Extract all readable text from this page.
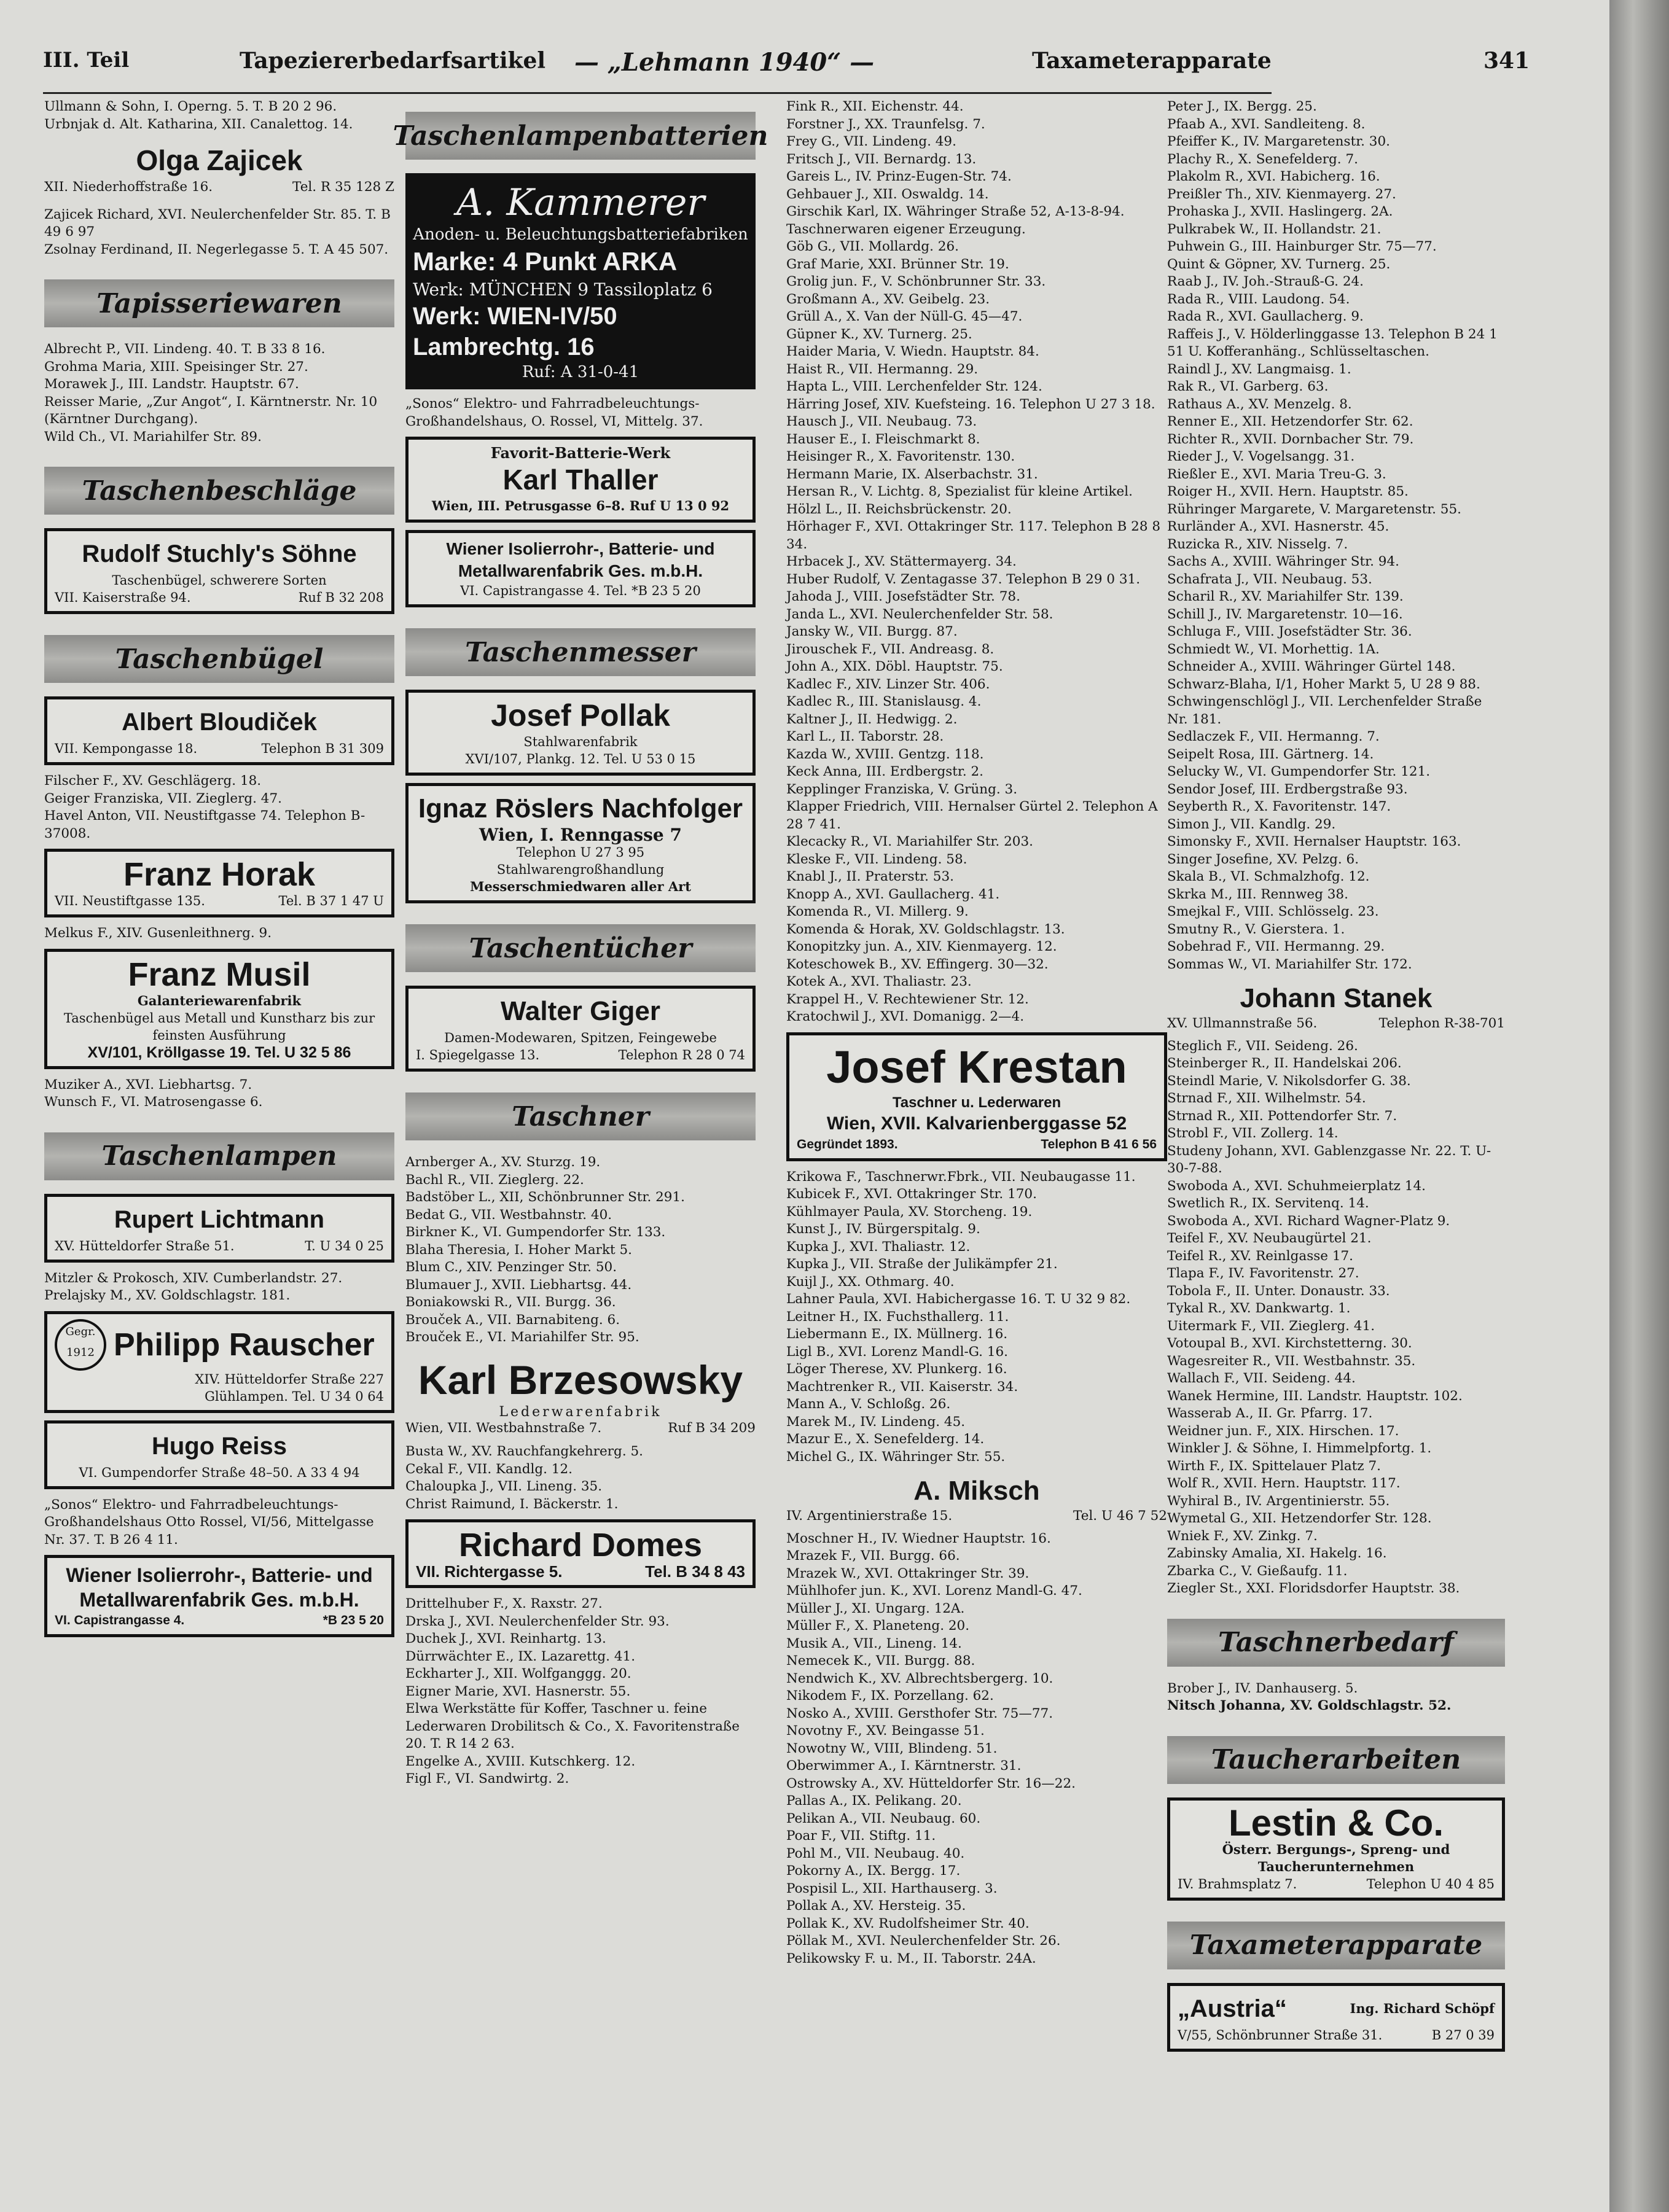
III. Teil	Tapeziererbedarfsartikel — „Lehmann 1940“ —	Taxameterapparate	341
Ullmann & Sohn, I. Operng. 5. T. B 20 2 96.
Urbnjak d. Alt. Katharina, XII. Canalettog. 14.
Olga Zajicek
XII. Niederhoffstraße 16.	Tel. R 35 128 Z
Zajicek Richard, XVI. Neulerchenfelder Str. 85. T. B 49 6 97
Zsolnay Ferdinand, II. Negerlegasse 5. T. A 45 507.
Tapisseriewaren
Albrecht P., VII. Lindeng. 40. T. B 33 8 16.
Grohma Maria, XIII. Speisinger Str. 27.
Morawek J., III. Landstr. Hauptstr. 67.
Reisser Marie, „Zur Angot“, I. Kärntnerstr. Nr. 10 (Kärntner Durchgang).
Wild Ch., VI. Mariahilfer Str. 89.
Taschenbeschläge
Rudolf Stuchly's Söhne
Taschenbügel, schwerere Sorten
VII. Kaiserstraße 94.	Ruf B 32 208
Taschenbügel
Albert Bloudiček
VII. Kempongasse 18.	Telephon B 31 309
Filscher F., XV. Geschlägerg. 18.
Geiger Franziska, VII. Zieglerg. 47.
Havel Anton, VII. Neustiftgasse 74. Telephon B-37008.
Franz Horak
VII. Neustiftgasse 135.	Tel. B 37 1 47 U
Melkus F., XIV. Gusenleithnerg. 9.
Franz Musil
Galanteriewarenfabrik
Taschenbügel aus Metall und Kunstharz bis zur feinsten Ausführung
XV/101, Kröllgasse 19. Tel. U 32 5 86
Muziker A., XVI. Liebhartsg. 7.
Wunsch F., VI. Matrosengasse 6.
Taschenlampen
Rupert Lichtmann
XV. Hütteldorfer Straße 51.	T. U 34 0 25
Mitzler & Prokosch, XIV. Cumberlandstr. 27.
Prelajsky M., XV. Goldschlagstr. 181.
Gegr.
1912 Philipp Rauscher
XIV. Hütteldorfer Straße 227
Glühlampen. Tel. U 34 0 64
Hugo Reiss
VI. Gumpendorfer Straße 48–50. A 33 4 94
„Sonos“ Elektro- und Fahrradbeleuchtungs-Großhandelshaus Otto Rossel, VI/56, Mittelgasse Nr. 37. T. B 26 4 11.
Wiener Isolierrohr-, Batterie- und
Metallwarenfabrik Ges. m.b.H.
VI. Capistrangasse 4.	*B 23 5 20
Taschenlampenbatterien
A. Kammerer
Anoden- u. Beleuchtungsbatteriefabriken
Marke: 4 Punkt ARKA
Werk: MÜNCHEN 9 Tassiloplatz 6
Werk: WIEN-IV/50 Lambrechtg. 16
Ruf: A 31-0-41
„Sonos“ Elektro- und Fahrradbeleuchtungs-Großhandelshaus, O. Rossel, VI, Mittelg. 37.
Favorit-Batterie-Werk
Karl Thaller
Wien, III. Petrusgasse 6–8. Ruf U 13 0 92
Wiener Isolierrohr-, Batterie- und
Metallwarenfabrik Ges. m.b.H.
VI. Capistrangasse 4. Tel. *B 23 5 20
Taschenmesser
Josef Pollak
Stahlwarenfabrik
XVI/107, Plankg. 12. Tel. U 53 0 15
Ignaz Röslers Nachfolger
Wien, I. Renngasse 7
Telephon U 27 3 95
Stahlwarengroßhandlung
Messerschmiedwaren aller Art
Taschentücher
Walter Giger
Damen-Modewaren, Spitzen, Feingewebe
I. Spiegelgasse 13.	Telephon R 28 0 74
Taschner
Arnberger A., XV. Sturzg. 19.
Bachl R., VII. Zieglerg. 22.
Badstöber L., XII, Schönbrunner Str. 291.
Bedat G., VII. Westbahnstr. 40.
Birkner K., VI. Gumpendorfer Str. 133.
Blaha Theresia, I. Hoher Markt 5.
Blum C., XIV. Penzinger Str. 50.
Blumauer J., XVII. Liebhartsg. 44.
Boniakowski R., VII. Burgg. 36.
Brouček A., VII. Barnabiteng. 6.
Brouček E., VI. Mariahilfer Str. 95.
Karl Brzesowsky
Lederwarenfabrik
Wien, VII. Westbahnstraße 7.	Ruf B 34 209
Busta W., XV. Rauchfangkehrerg. 5.
Cekal F., VII. Kandlg. 12.
Chaloupka J., VII. Lineng. 35.
Christ Raimund, I. Bäckerstr. 1.
Richard Domes
VII. Richtergasse 5.	Tel. B 34 8 43
Drittelhuber F., X. Raxstr. 27.
Drska J., XVI. Neulerchenfelder Str. 93.
Duchek J., XVI. Reinhartg. 13.
Dürrwächter E., IX. Lazarettg. 41.
Eckharter J., XII. Wolfganggg. 20.
Eigner Marie, XVI. Hasnerstr. 55.
Elwa Werkstätte für Koffer, Taschner u. feine Lederwaren Drobilitsch & Co., X. Favoritenstraße 20. T. R 14 2 63.
Engelke A., XVIII. Kutschkerg. 12.
Figl F., VI. Sandwirtg. 2.
Fink R., XII. Eichenstr. 44.
Forstner J., XX. Traunfelsg. 7.
Frey G., VII. Lindeng. 49.
Fritsch J., VII. Bernardg. 13.
Gareis L., IV. Prinz-Eugen-Str. 74.
Gehbauer J., XII. Oswaldg. 14.
Girschik Karl, IX. Währinger Straße 52, A-13-8-94. Taschnerwaren eigener Erzeugung.
Göb G., VII. Mollardg. 26.
Graf Marie, XXI. Brünner Str. 19.
Grolig jun. F., V. Schönbrunner Str. 33.
Großmann A., XV. Geibelg. 23.
Grüll A., X. Van der Nüll-G. 45—47.
Güpner K., XV. Turnerg. 25.
Haider Maria, V. Wiedn. Hauptstr. 84.
Haist R., VII. Hermanng. 29.
Hapta L., VIII. Lerchenfelder Str. 124.
Härring Josef, XIV. Kuefsteing. 16. Telephon U 27 3 18.
Hausch J., VII. Neubaug. 73.
Hauser E., I. Fleischmarkt 8.
Heisinger R., X. Favoritenstr. 130.
Hermann Marie, IX. Alserbachstr. 31.
Hersan R., V. Lichtg. 8, Spezialist für kleine Artikel.
Hölzl L., II. Reichsbrückenstr. 20.
Hörhager F., XVI. Ottakringer Str. 117. Telephon B 28 8 34.
Hrbacek J., XV. Stättermayerg. 34.
Huber Rudolf, V. Zentagasse 37. Telephon B 29 0 31.
Jahoda J., VIII. Josefstädter Str. 78.
Janda L., XVI. Neulerchenfelder Str. 58.
Jansky W., VII. Burgg. 87.
Jirouschek F., VII. Andreasg. 8.
John A., XIX. Döbl. Hauptstr. 75.
Kadlec F., XIV. Linzer Str. 406.
Kadlec R., III. Stanislausg. 4.
Kaltner J., II. Hedwigg. 2.
Karl L., II. Taborstr. 28.
Kazda W., XVIII. Gentzg. 118.
Keck Anna, III. Erdbergstr. 2.
Kepplinger Franziska, V. Grüng. 3.
Klapper Friedrich, VIII. Hernalser Gürtel 2. Telephon A 28 7 41.
Klecacky R., VI. Mariahilfer Str. 203.
Kleske F., VII. Lindeng. 58.
Knabl J., II. Praterstr. 53.
Knopp A., XVI. Gaullacherg. 41.
Komenda R., VI. Millerg. 9.
Komenda & Horak, XV. Goldschlagstr. 13.
Konopitzky jun. A., XIV. Kienmayerg. 12.
Koteschowek B., XV. Effingerg. 30—32.
Kotek A., XVI. Thaliastr. 23.
Krappel H., V. Rechtewiener Str. 12.
Kratochwil J., XVI. Domanigg. 2—4.
Josef Krestan
Taschner u. Lederwaren
Wien, XVII. Kalvarienberggasse 52
Gegründet 1893.	Telephon B 41 6 56
Krikowa F., Taschnerwr.Fbrk., VII. Neubaugasse 11.
Kubicek F., XVI. Ottakringer Str. 170.
Kühlmayer Paula, XV. Storcheng. 19.
Kunst J., IV. Bürgerspitalg. 9.
Kupka J., XVI. Thaliastr. 12.
Kupka J., VII. Straße der Julikämpfer 21.
Kuijl J., XX. Othmarg. 40.
Lahner Paula, XVI. Habichergasse 16. T. U 32 9 82.
Leitner H., IX. Fuchsthallerg. 11.
Liebermann E., IX. Müllnerg. 16.
Ligl B., XVI. Lorenz Mandl-G. 16.
Löger Therese, XV. Plunkerg. 16.
Machtrenker R., VII. Kaiserstr. 34.
Mann A., V. Schloßg. 26.
Marek M., IV. Lindeng. 45.
Mazur E., X. Senefelderg. 14.
Michel G., IX. Währinger Str. 55.
A. Miksch
IV. Argentinierstraße 15.	Tel. U 46 7 52
Moschner H., IV. Wiedner Hauptstr. 16.
Mrazek F., VII. Burgg. 66.
Mrazek W., XVI. Ottakringer Str. 39.
Mühlhofer jun. K., XVI. Lorenz Mandl-G. 47.
Müller J., XI. Ungarg. 12A.
Müller F., X. Planeteng. 20.
Musik A., VII., Lineng. 14.
Nemecek K., VII. Burgg. 88.
Nendwich K., XV. Albrechtsbergerg. 10.
Nikodem F., IX. Porzellang. 62.
Nosko A., XVIII. Gersthofer Str. 75—77.
Novotny F., XV. Beingasse 51.
Nowotny W., VIII, Blindeng. 51.
Oberwimmer A., I. Kärntnerstr. 31.
Ostrowsky A., XV. Hütteldorfer Str. 16—22.
Pallas A., IX. Pelikang. 20.
Pelikan A., VII. Neubaug. 60.
Poar F., VII. Stiftg. 11.
Pohl M., VII. Neubaug. 40.
Pokorny A., IX. Bergg. 17.
Pospisil L., XII. Harthauserg. 3.
Pollak A., XV. Hersteig. 35.
Pollak K., XV. Rudolfsheimer Str. 40.
Pöllak M., XVI. Neulerchenfelder Str. 26.
Pelikowsky F. u. M., II. Taborstr. 24A.
Peter J., IX. Bergg. 25.
Pfaab A., XVI. Sandleiteng. 8.
Pfeiffer K., IV. Margaretenstr. 30.
Plachy R., X. Senefelderg. 7.
Plakolm R., XVI. Habicherg. 16.
Preißler Th., XIV. Kienmayerg. 27.
Prohaska J., XVII. Haslingerg. 2A.
Pulkrabek W., II. Hollandstr. 21.
Puhwein G., III. Hainburger Str. 75—77.
Quint & Göpner, XV. Turnerg. 25.
Raab J., IV. Joh.-Strauß-G. 24.
Rada R., VIII. Laudong. 54.
Rada R., XVI. Gaullacherg. 9.
Raffeis J., V. Hölderlinggasse 13. Telephon B 24 1 51 U. Kofferanhäng., Schlüsseltaschen.
Raindl J., XV. Langmaisg. 1.
Rak R., VI. Garberg. 63.
Rathaus A., XV. Menzelg. 8.
Renner E., XII. Hetzendorfer Str. 62.
Richter R., XVII. Dornbacher Str. 79.
Rieder J., V. Vogelsangg. 31.
Rießler E., XVI. Maria Treu-G. 3.
Roiger H., XVII. Hern. Hauptstr. 85.
Rühringer Margarete, V. Margaretenstr. 55.
Rurländer A., XVI. Hasnerstr. 45.
Ruzicka R., XIV. Nisselg. 7.
Sachs A., XVIII. Währinger Str. 94.
Schafrata J., VII. Neubaug. 53.
Scharil R., XV. Mariahilfer Str. 139.
Schill J., IV. Margaretenstr. 10—16.
Schluga F., VIII. Josefstädter Str. 36.
Schmiedt W., VI. Morhettig. 1A.
Schneider A., XVIII. Währinger Gürtel 148.
Schwarz-Blaha, I/1, Hoher Markt 5, U 28 9 88.
Schwingenschlögl J., VII. Lerchenfelder Straße Nr. 181.
Sedlaczek F., VII. Hermanng. 7.
Seipelt Rosa, III. Gärtnerg. 14.
Selucky W., VI. Gumpendorfer Str. 121.
Sendor Josef, III. Erdbergstraße 93.
Seyberth R., X. Favoritenstr. 147.
Simon J., VII. Kandlg. 29.
Simonsky F., XVII. Hernalser Hauptstr. 163.
Singer Josefine, XV. Pelzg. 6.
Skala B., VI. Schmalzhofg. 12.
Skrka M., III. Rennweg 38.
Smejkal F., VIII. Schlösselg. 23.
Smutny R., V. Gierstera. 1.
Sobehrad F., VII. Hermanng. 29.
Sommas W., VI. Mariahilfer Str. 172.
Johann Stanek
XV. Ullmannstraße 56.	Telephon R-38-701
Steglich F., VII. Seideng. 26.
Steinberger R., II. Handelskai 206.
Steindl Marie, V. Nikolsdorfer G. 38.
Strnad F., XII. Wilhelmstr. 54.
Strnad R., XII. Pottendorfer Str. 7.
Strobl F., VII. Zollerg. 14.
Studeny Johann, XVI. Gablenzgasse Nr. 22. T. U-30-7-88.
Swoboda A., XVI. Schuhmeierplatz 14.
Swetlich R., IX. Servitenq. 14.
Swoboda A., XVI. Richard Wagner-Platz 9.
Teifel F., XV. Neubaugürtel 21.
Teifel R., XV. Reinlgasse 17.
Tlapa F., IV. Favoritenstr. 27.
Tobola F., II. Unter. Donaustr. 33.
Tykal R., XV. Dankwartg. 1.
Uitermark F., VII. Zieglerg. 41.
Votoupal B., XVI. Kirchstetterng. 30.
Wagesreiter R., VII. Westbahnstr. 35.
Wallach F., VII. Seideng. 44.
Wanek Hermine, III. Landstr. Hauptstr. 102.
Wasserab A., II. Gr. Pfarrg. 17.
Weidner jun. F., XIX. Hirschen. 17.
Winkler J. & Söhne, I. Himmelpfortg. 1.
Wirth F., IX. Spittelauer Platz 7.
Wolf R., XVII. Hern. Hauptstr. 117.
Wyhiral B., IV. Argentinierstr. 55.
Wymetal G., XII. Hetzendorfer Str. 128.
Wniek F., XV. Zinkg. 7.
Zabinsky Amalia, XI. Hakelg. 16.
Zbarka C., V. Gießaufg. 11.
Ziegler St., XXI. Floridsdorfer Hauptstr. 38.
Taschnerbedarf
Brober J., IV. Danhauserg. 5.
Nitsch Johanna, XV. Goldschlagstr. 52.
Taucherarbeiten
Lestin & Co.
Österr. Bergungs-, Spreng- und Taucherunternehmen
IV. Brahmsplatz 7.	Telephon U 40 4 85
Taxameterapparate
„Austria“	Ing. Richard Schöpf
V/55, Schönbrunner Straße 31.	B 27 0 39
